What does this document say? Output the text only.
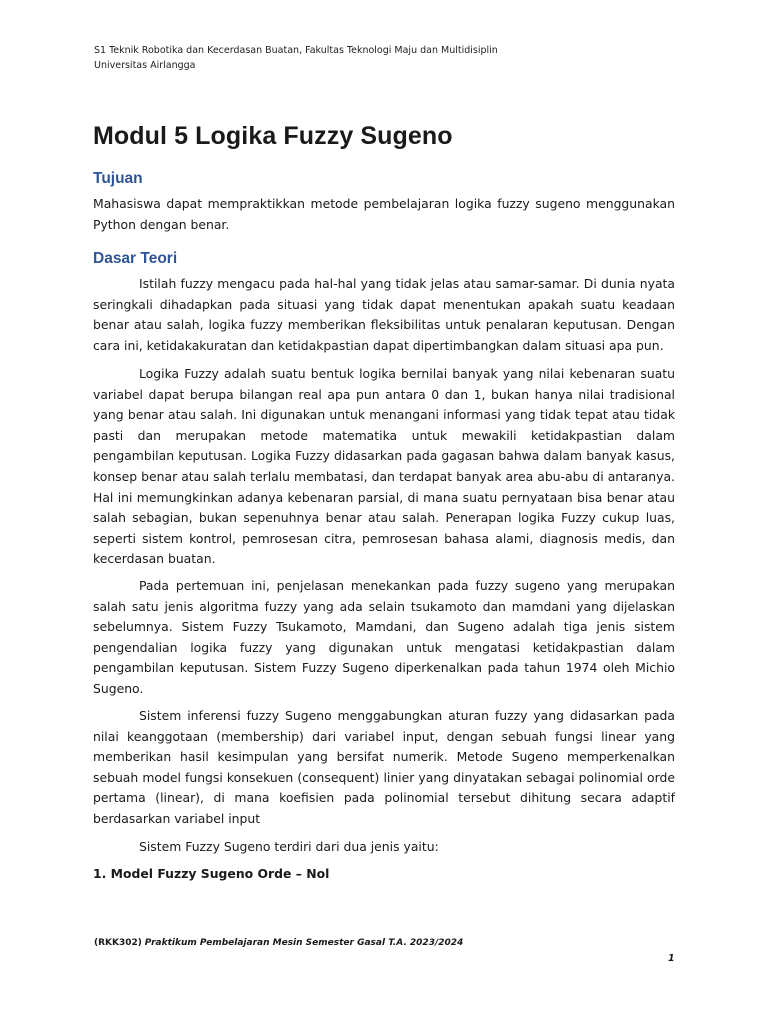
S1 Teknik Robotika dan Kecerdasan Buatan, Fakultas Teknologi Maju dan Multidisiplin
Universitas Airlangga
Modul 5 Logika Fuzzy Sugeno
Tujuan

Mahasiswa dapat mempraktikkan metode pembelajaran logika fuzzy sugeno menggunakan Python dengan benar.

Dasar Teori

Istilah fuzzy mengacu pada hal-hal yang tidak jelas atau samar-samar. Di dunia nyata seringkali dihadapkan pada situasi yang tidak dapat menentukan apakah suatu keadaan benar atau salah, logika fuzzy memberikan fleksibilitas untuk penalaran keputusan. Dengan cara ini, ketidakakuratan dan ketidakpastian dapat dipertimbangkan dalam situasi apa pun.

Logika Fuzzy adalah suatu bentuk logika bernilai banyak yang nilai kebenaran suatu variabel dapat berupa bilangan real apa pun antara 0 dan 1, bukan hanya nilai tradisional yang benar atau salah. Ini digunakan untuk menangani informasi yang tidak tepat atau tidak pasti dan merupakan metode matematika untuk mewakili ketidakpastian dalam pengambilan keputusan. Logika Fuzzy didasarkan pada gagasan bahwa dalam banyak kasus, konsep benar atau salah terlalu membatasi, dan terdapat banyak area abu-abu di antaranya. Hal ini memungkinkan adanya kebenaran parsial, di mana suatu pernyataan bisa benar atau salah sebagian, bukan sepenuhnya benar atau salah. Penerapan logika Fuzzy cukup luas, seperti sistem kontrol, pemrosesan citra, pemrosesan bahasa alami, diagnosis medis, dan kecerdasan buatan.

Pada pertemuan ini, penjelasan menekankan pada fuzzy sugeno yang merupakan salah satu jenis algoritma fuzzy yang ada selain tsukamoto dan mamdani yang dijelaskan sebelumnya. Sistem Fuzzy Tsukamoto, Mamdani, dan Sugeno adalah tiga jenis sistem pengendalian logika fuzzy yang digunakan untuk mengatasi ketidakpastian dalam pengambilan keputusan. Sistem Fuzzy Sugeno diperkenalkan pada tahun 1974 oleh Michio Sugeno.

Sistem inferensi fuzzy Sugeno menggabungkan aturan fuzzy yang didasarkan pada nilai keanggotaan (membership) dari variabel input, dengan sebuah fungsi linear yang memberikan hasil kesimpulan yang bersifat numerik. Metode Sugeno memperkenalkan sebuah model fungsi konsekuen (consequent) linier yang dinyatakan sebagai polinomial orde pertama (linear), di mana koefisien pada polinomial tersebut dihitung secara adaptif berdasarkan variabel input

Sistem Fuzzy Sugeno terdiri dari dua jenis yaitu:

1. Model Fuzzy Sugeno Orde – Nol

(RKK302) Praktikum Pembelajaran Mesin Semester Gasal T.A. 2023/2024
1
